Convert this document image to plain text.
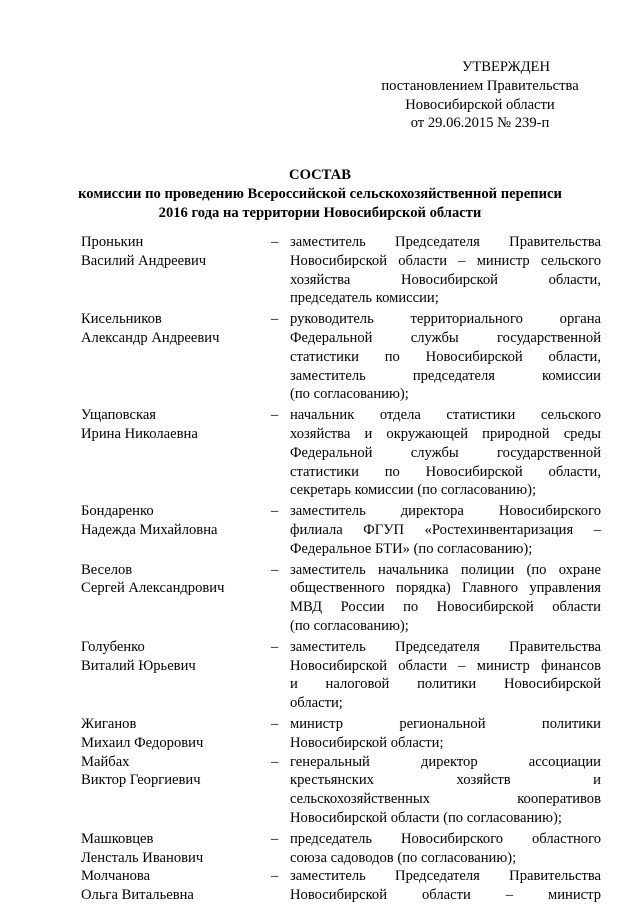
УТВЕРЖДЕН
постановлением Правительства
Новосибирской области
от 29.06.2015 № 239-п
СОСТАВ
комиссии по проведению Всероссийской сельскохозяйственной переписи
2016 года на территории Новосибирской области
Пронькин
Василий Андреевич
– заместитель Председателя Правительства
Новосибирской области – министр сельского
хозяйства Новосибирской области,
председатель комиссии;
Кисельников
Александр Андреевич
– руководитель территориального органа
Федеральной службы государственной
статистики по Новосибирской области,
заместитель председателя комиссии
(по согласованию);
Ущаповская
Ирина Николаевна
– начальник отдела статистики сельского
хозяйства и окружающей природной среды
Федеральной службы государственной
статистики по Новосибирской области,
секретарь комиссии (по согласованию);
Бондаренко
Надежда Михайловна
– заместитель директора Новосибирского
филиала ФГУП «Ростехинвентаризация –
Федеральное БТИ» (по согласованию);
Веселов
Сергей Александрович
– заместитель начальника полиции (по охране
общественного порядка) Главного управления
МВД России по Новосибирской области
(по согласованию);
Голубенко
Виталий Юрьевич
– заместитель Председателя Правительства
Новосибирской области – министр финансов
и налоговой политики Новосибирской
области;
Жиганов
Михаил Федорович
– министр региональной политики
Новосибирской области;
Майбах
Виктор Георгиевич
– генеральный директор ассоциации
крестьянских хозяйств и
сельскохозяйственных кооперативов
Новосибирской области (по согласованию);
Машковцев
Ленсталь Иванович
– председатель Новосибирского областного
союза садоводов (по согласованию);
Молчанова
Ольга Витальевна
– заместитель Председателя Правительства
Новосибирской области – министр
